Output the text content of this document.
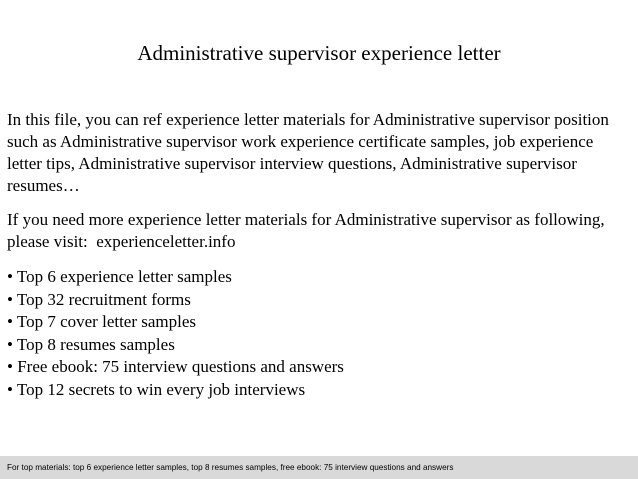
Administrative supervisor experience letter

In this file, you can ref experience letter materials for Administrative supervisor position such as Administrative supervisor work experience certificate samples, job experience letter tips, Administrative supervisor interview questions, Administrative supervisor resumes…

If you need more experience letter materials for Administrative supervisor as following, please visit: experienceletter.info

• Top 6 experience letter samples
• Top 32 recruitment forms
• Top 7 cover letter samples
• Top 8 resumes samples
• Free ebook: 75 interview questions and answers
• Top 12 secrets to win every job interviews
For top materials: top 6 experience letter samples, top 8 resumes samples, free ebook: 75 interview questions and answers
